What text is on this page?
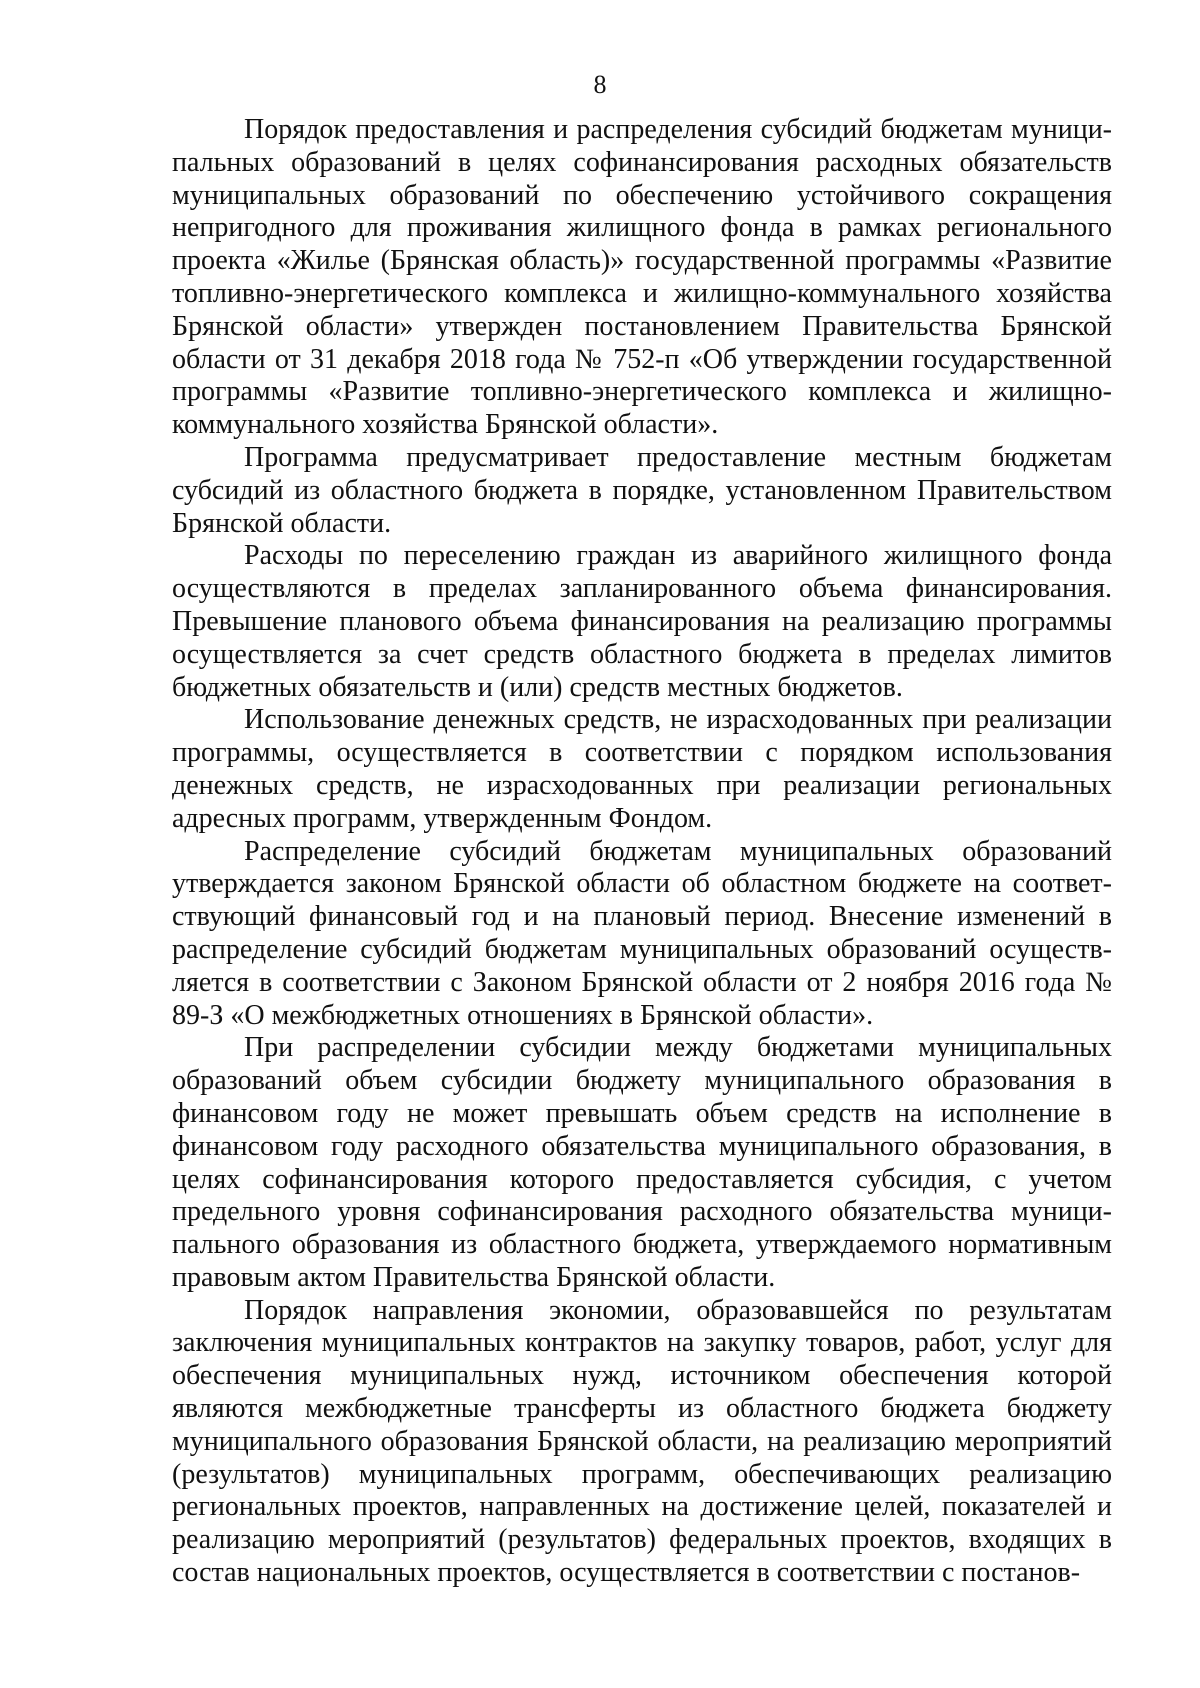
8

Порядок предоставления и распределения субсидий бюджетам муници-пальных образований в целях софинансирования расходных обязательств муниципальных образований по обеспечению устойчивого сокращения непригодного для проживания жилищного фонда в рамках регионального проекта «Жилье (Брянская область)» государственной программы «Развитие топливно-энергетического комплекса и жилищно-коммунального хозяйства Брянской области» утвержден постановлением Правительства Брянской области от 31 декабря 2018 года № 752-п «Об утверждении государственной программы «Развитие топливно-энергетического комплекса и жилищно-коммунального хозяйства Брянской области».

Программа предусматривает предоставление местным бюджетам субсидий из областного бюджета в порядке, установленном Правительством Брянской области.

Расходы по переселению граждан из аварийного жилищного фонда осуществляются в пределах запланированного объема финансирования. Превышение планового объема финансирования на реализацию программы осуществляется за счет средств областного бюджета в пределах лимитов бюджетных обязательств и (или) средств местных бюджетов.

Использование денежных средств, не израсходованных при реализации программы, осуществляется в соответствии с порядком использования денежных средств, не израсходованных при реализации региональных адресных программ, утвержденным Фондом.

Распределение субсидий бюджетам муниципальных образований утверждается законом Брянской области об областном бюджете на соответ-ствующий финансовый год и на плановый период. Внесение изменений в распределение субсидий бюджетам муниципальных образований осуществ-ляется в соответствии с Законом Брянской области от 2 ноября 2016 года № 89-З «О межбюджетных отношениях в Брянской области».

При распределении субсидии между бюджетами муниципальных образований объем субсидии бюджету муниципального образования в финансовом году не может превышать объем средств на исполнение в финансовом году расходного обязательства муниципального образования, в целях софинансирования которого предоставляется субсидия, с учетом предельного уровня софинансирования расходного обязательства муници-пального образования из областного бюджета, утверждаемого нормативным правовым актом Правительства Брянской области.

Порядок направления экономии, образовавшейся по результатам заключения муниципальных контрактов на закупку товаров, работ, услуг для обеспечения муниципальных нужд, источником обеспечения которой являются межбюджетные трансферты из областного бюджета бюджету муниципального образования Брянской области, на реализацию мероприятий (результатов) муниципальных программ, обеспечивающих реализацию региональных проектов, направленных на достижение целей, показателей и реализацию мероприятий (результатов) федеральных проектов, входящих в состав национальных проектов, осуществляется в соответствии с постанов-
